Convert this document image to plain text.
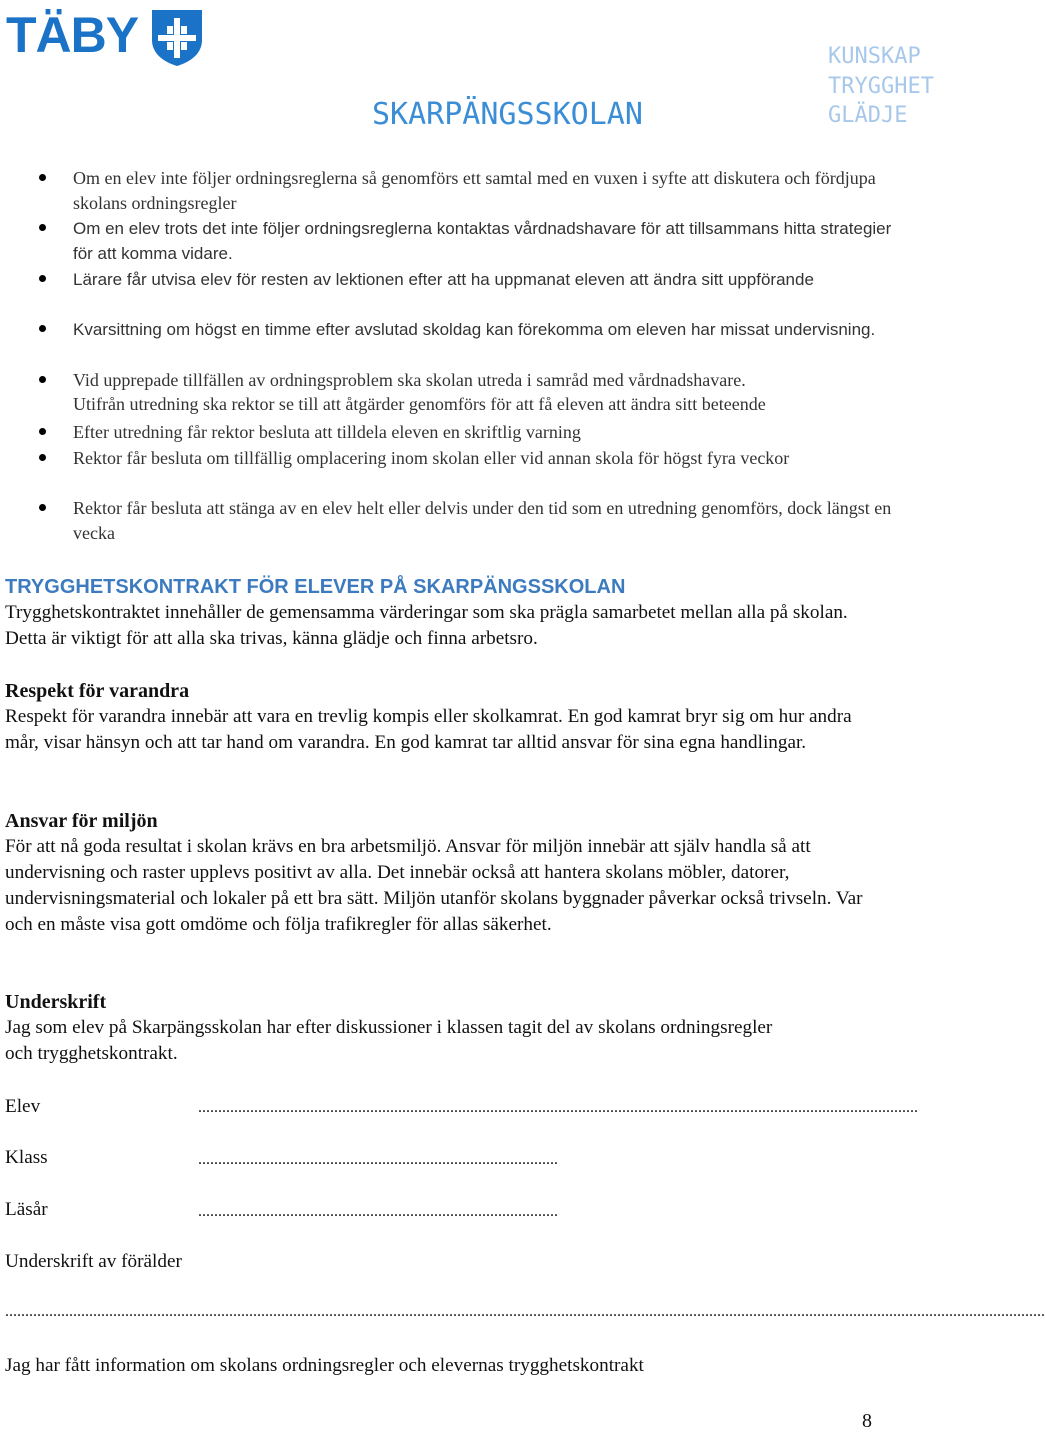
TÄBY
SKARPÄNGSSKOLAN
KUNSKAP
TRYGGHET
GLÄDJE
Om en elev inte följer ordningsreglerna så genomförs ett samtal med en vuxen i syfte att diskutera och fördjupa skolans ordningsregler
Om en elev trots det inte följer ordningsreglerna kontaktas vårdnadshavare för att tillsammans hitta strategier för att komma vidare.
Lärare får utvisa elev för resten av lektionen efter att ha uppmanat eleven att ändra sitt uppförande
Kvarsittning om högst en timme efter avslutad skoldag kan förekomma om eleven har missat undervisning.
Vid upprepade tillfällen av ordningsproblem ska skolan utreda i samråd med vårdnadshavare.
Utifrån utredning ska rektor se till att åtgärder genomförs för att få eleven att ändra sitt beteende
Efter utredning får rektor besluta att tilldela eleven en skriftlig varning
Rektor får besluta om tillfällig omplacering inom skolan eller vid annan skola för högst fyra veckor
Rektor får besluta att stänga av en elev helt eller delvis under den tid som en utredning genomförs, dock längst en vecka
TRYGGHETSKONTRAKT FÖR ELEVER PÅ SKARPÄNGSSKOLAN
Trygghetskontraktet innehåller de gemensamma värderingar som ska prägla samarbetet mellan alla på skolan. Detta är viktigt för att alla ska trivas, känna glädje och finna arbetsro.
Respekt för varandra
Respekt för varandra innebär att vara en trevlig kompis eller skolkamrat. En god kamrat bryr sig om hur andra mår, visar hänsyn och att tar hand om varandra. En god kamrat tar alltid ansvar för sina egna handlingar.
Ansvar för miljön
För att nå goda resultat i skolan krävs en bra arbetsmiljö. Ansvar för miljön innebär att själv handla så att undervisning och raster upplevs positivt av alla. Det innebär också att hantera skolans möbler, datorer, undervisningsmaterial och lokaler på ett bra sätt. Miljön utanför skolans byggnader påverkar också trivseln. Var och en måste visa gott omdöme och följa trafikregler för allas säkerhet.
Underskrift
Jag som elev på Skarpängsskolan har efter diskussioner i klassen tagit del av skolans ordningsregler och trygghetskontrakt.
Elev	....................................................................................................................................................................................
Klass	..........................................................................................
Läsår	..........................................................................................
Underskrift av förälder
....................................................................................................................................................................................................................................................................
Jag har fått information om skolans ordningsregler och elevernas trygghetskontrakt
8
